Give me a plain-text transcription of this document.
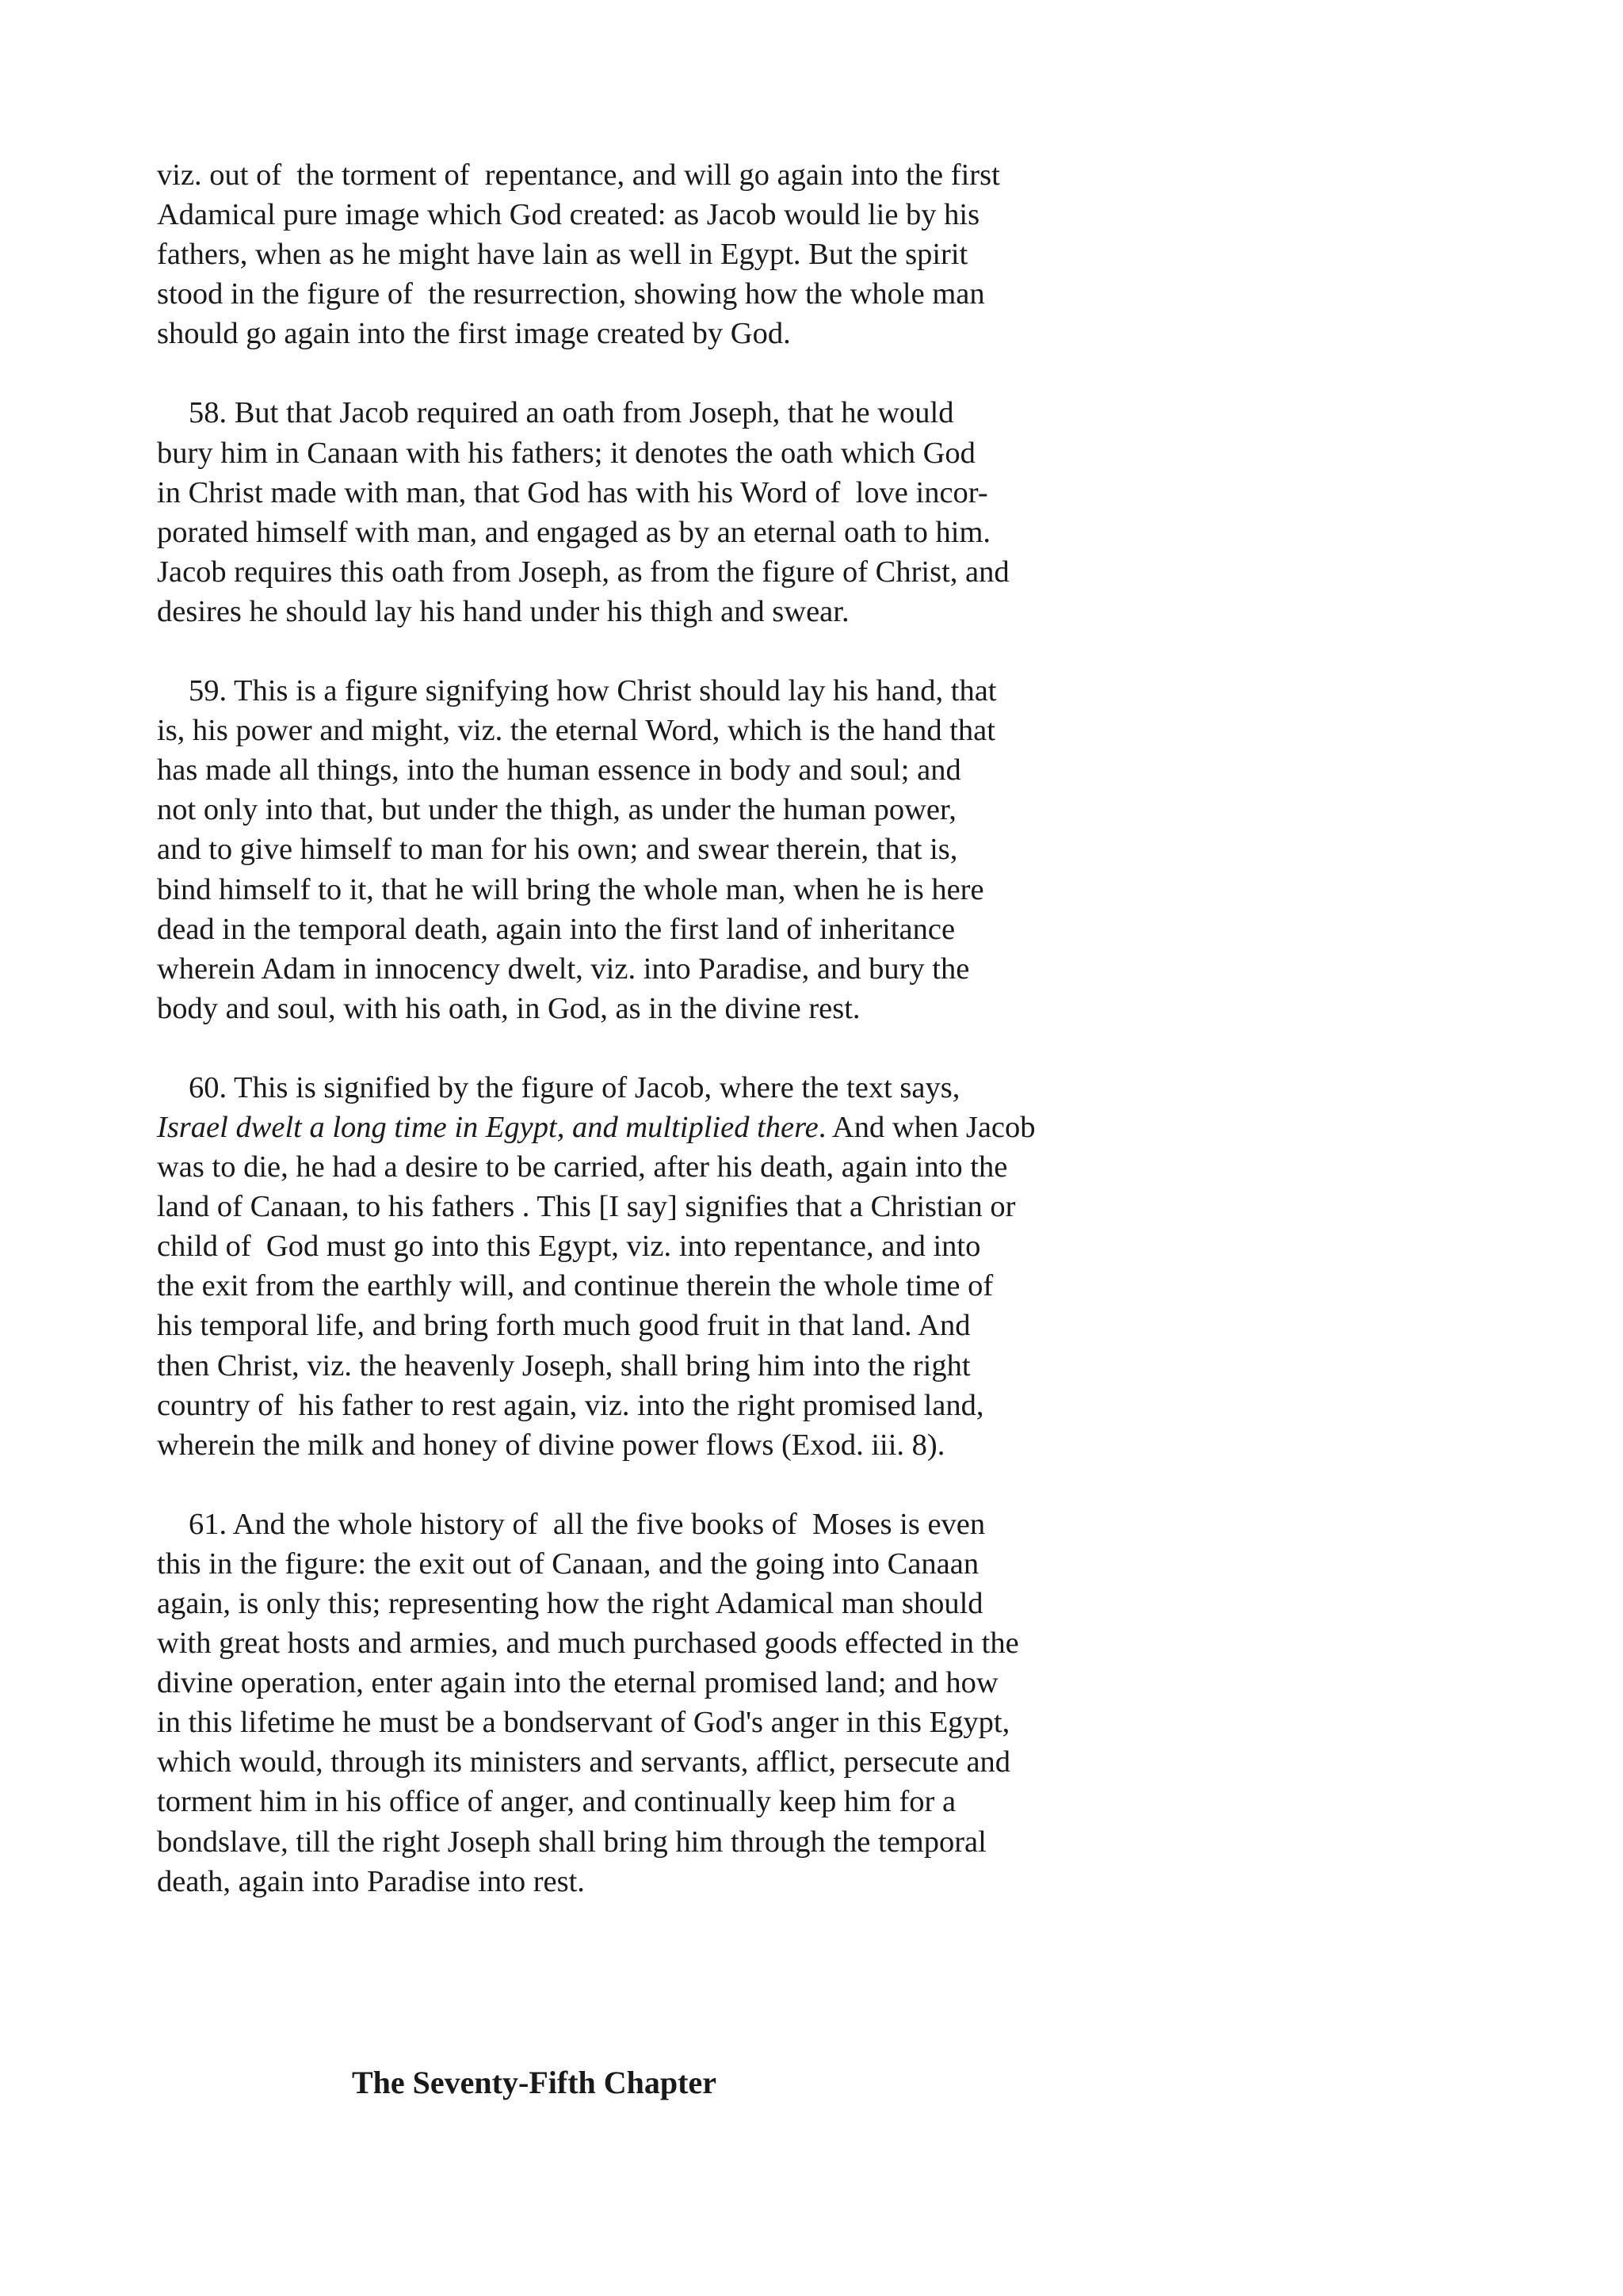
viz. out of  the torment of  repentance, and will go again into the first
Adamical pure image which God created: as Jacob would lie by his
fathers, when as he might have lain as well in Egypt. But the spirit
stood in the figure of  the resurrection, showing how the whole man
should go again into the first image created by God.
58. But that Jacob required an oath from Joseph, that he would
bury him in Canaan with his fathers; it denotes the oath which God
in Christ made with man, that God has with his Word of  love incor-
porated himself with man, and engaged as by an eternal oath to him.
Jacob requires this oath from Joseph, as from the figure of Christ, and
desires he should lay his hand under his thigh and swear.
59. This is a figure signifying how Christ should lay his hand, that
is, his power and might, viz. the eternal Word, which is the hand that
has made all things, into the human essence in body and soul; and
not only into that, but under the thigh, as under the human power,
and to give himself to man for his own; and swear therein, that is,
bind himself to it, that he will bring the whole man, when he is here
dead in the temporal death, again into the first land of inheritance
wherein Adam in innocency dwelt, viz. into Paradise, and bury the
body and soul, with his oath, in God, as in the divine rest.
60. This is signified by the figure of Jacob, where the text says,
Israel dwelt a long time in Egypt, and multiplied there. And when Jacob
was to die, he had a desire to be carried, after his death, again into the
land of Canaan, to his fathers . This [I say] signifies that a Christian or
child of  God must go into this Egypt, viz. into repentance, and into
the exit from the earthly will, and continue therein the whole time of
his temporal life, and bring forth much good fruit in that land. And
then Christ, viz. the heavenly Joseph, shall bring him into the right
country of  his father to rest again, viz. into the right promised land,
wherein the milk and honey of divine power flows (Exod. iii. 8).
61. And the whole history of  all the five books of  Moses is even
this in the figure: the exit out of Canaan, and the going into Canaan
again, is only this; representing how the right Adamical man should
with great hosts and armies, and much purchased goods effected in the
divine operation, enter again into the eternal promised land; and how
in this lifetime he must be a bondservant of God's anger in this Egypt,
which would, through its ministers and servants, afflict, persecute and
torment him in his office of anger, and continually keep him for a
bondslave, till the right Joseph shall bring him through the temporal
death, again into Paradise into rest.
The Seventy-Fifth Chapter
